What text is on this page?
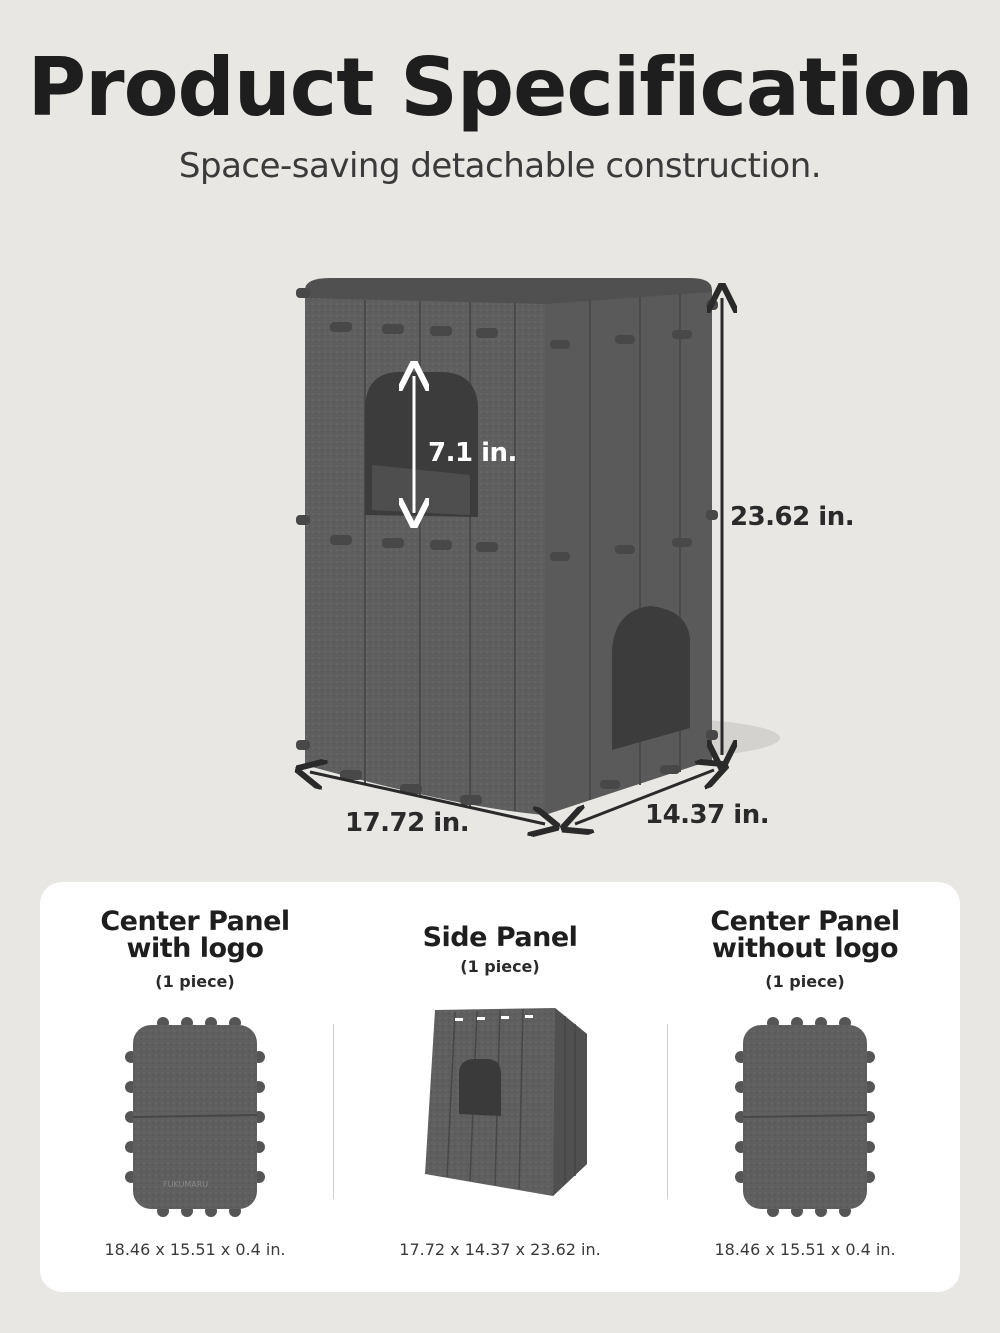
Product Specification
Space-saving detachable construction.
7.1 in.
23.62 in.
17.72 in.	14.37 in.
Center Panel
with logo
(1 piece)
FUKUMARU
18.46 x 15.51 x 0.4 in.
Side Panel
(1 piece)
17.72 x 14.37 x 23.62 in.
Center Panel
without logo
(1 piece)
18.46 x 15.51 x 0.4 in.
